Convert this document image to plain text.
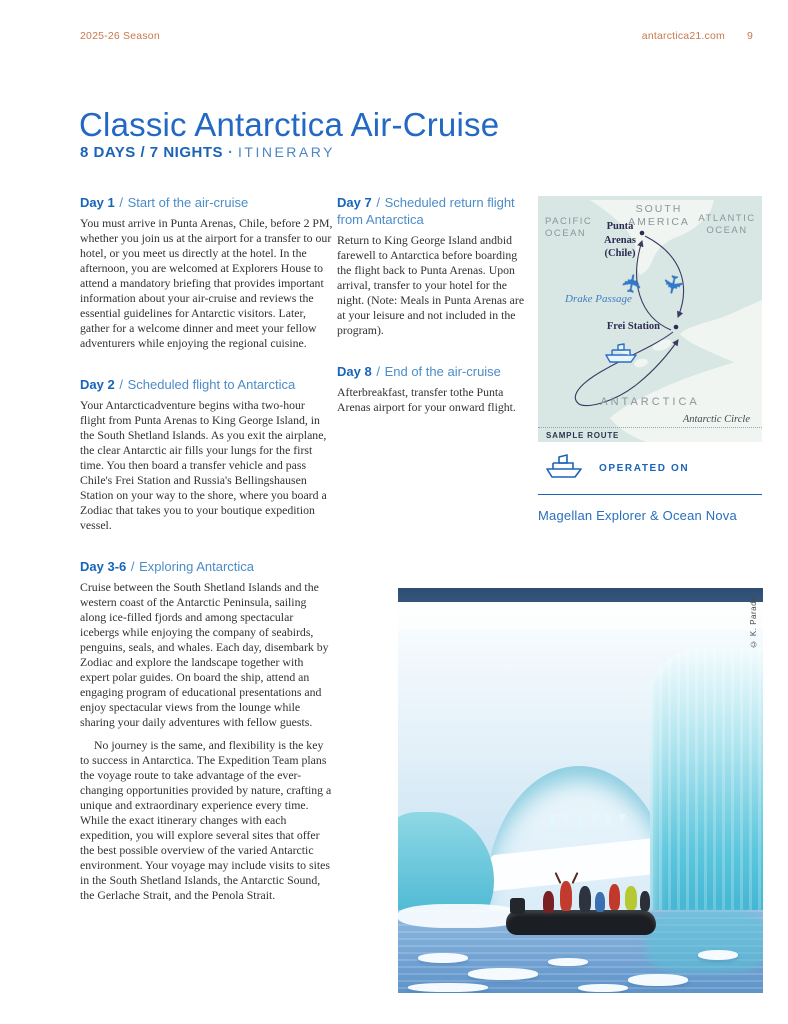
2025-26 Season	antarctica21.com 9
Classic Antarctica Air-Cruise
8 DAYS / 7 NIGHTS · ITINERARY
Day 1 / Start of the air-cruise

You must arrive in Punta Arenas, Chile, before 2 PM, whether you join us at the airport for a transfer to our hotel, or you meet us directly at the hotel. In the afternoon, you are welcomed at Explorers House to attend a mandatory briefing that provides important information about your air-cruise and reviews the essential guidelines for Antarctic visitors. Later, gather for a welcome dinner and meet your fellow adventurers while enjoying the regional cuisine.

Day 2 / Scheduled flight to Antarctica

Your Antarcticadventure begins witha two-hour flight from Punta Arenas to King George Island, in the South Shetland Islands. As you exit the airplane, the clear Antarctic air fills your lungs for the first time. You then board a transfer vehicle and pass Chile's Frei Station and Russia's Bellingshausen Station on your way to the shore, where you board a Zodiac that takes you to your boutique expedition vessel.

Day 3-6 / Exploring Antarctica

Cruise between the South Shetland Islands and the western coast of the Antarctic Peninsula, sailing along ice-filled fjords and among spectacular icebergs while enjoying the company of seabirds, penguins, seals, and whales. Each day, disembark by Zodiac and explore the landscape together with expert polar guides. On board the ship, attend an engaging program of educational presentations and enjoy spectacular views from the lounge while sharing your daily adventures with fellow guests.

No journey is the same, and flexibility is the key to success in Antarctica. The Expedition Team plans the voyage route to take advantage of the ever-changing opportunities provided by nature, crafting a unique and extraordinary experience every time. While the exact itinerary changes with each expedition, you will explore several sites that offer the best possible overview of the varied Antarctic environment. Your voyage may include visits to sites in the South Shetland Islands, the Antarctic Sound, the Gerlache Strait, and the Penola Strait.

Day 7 / Scheduled return flight from Antarctica

Return to King George Island andbid farewell to Antarctica before boarding the flight back to Punta Arenas. Upon arrival, transfer to your hotel for the night. (Note: Meals in Punta Arenas are at your leisure and not included in the program).

Day 8 / End of the air-cruise

Afterbreakfast, transfer tothe Punta Arenas airport for your onward flight.

PACIFIC OCEAN
SOUTH AMERICA ATLANTIC OCEAN
Punta Arenas (Chile)
Drake Passage
Frei Station
ANTARCTICA
Antarctic Circle
SAMPLE ROUTE
✈
✈
OPERATED ON
Magellan Explorer & Ocean Nova
© K. Parada
